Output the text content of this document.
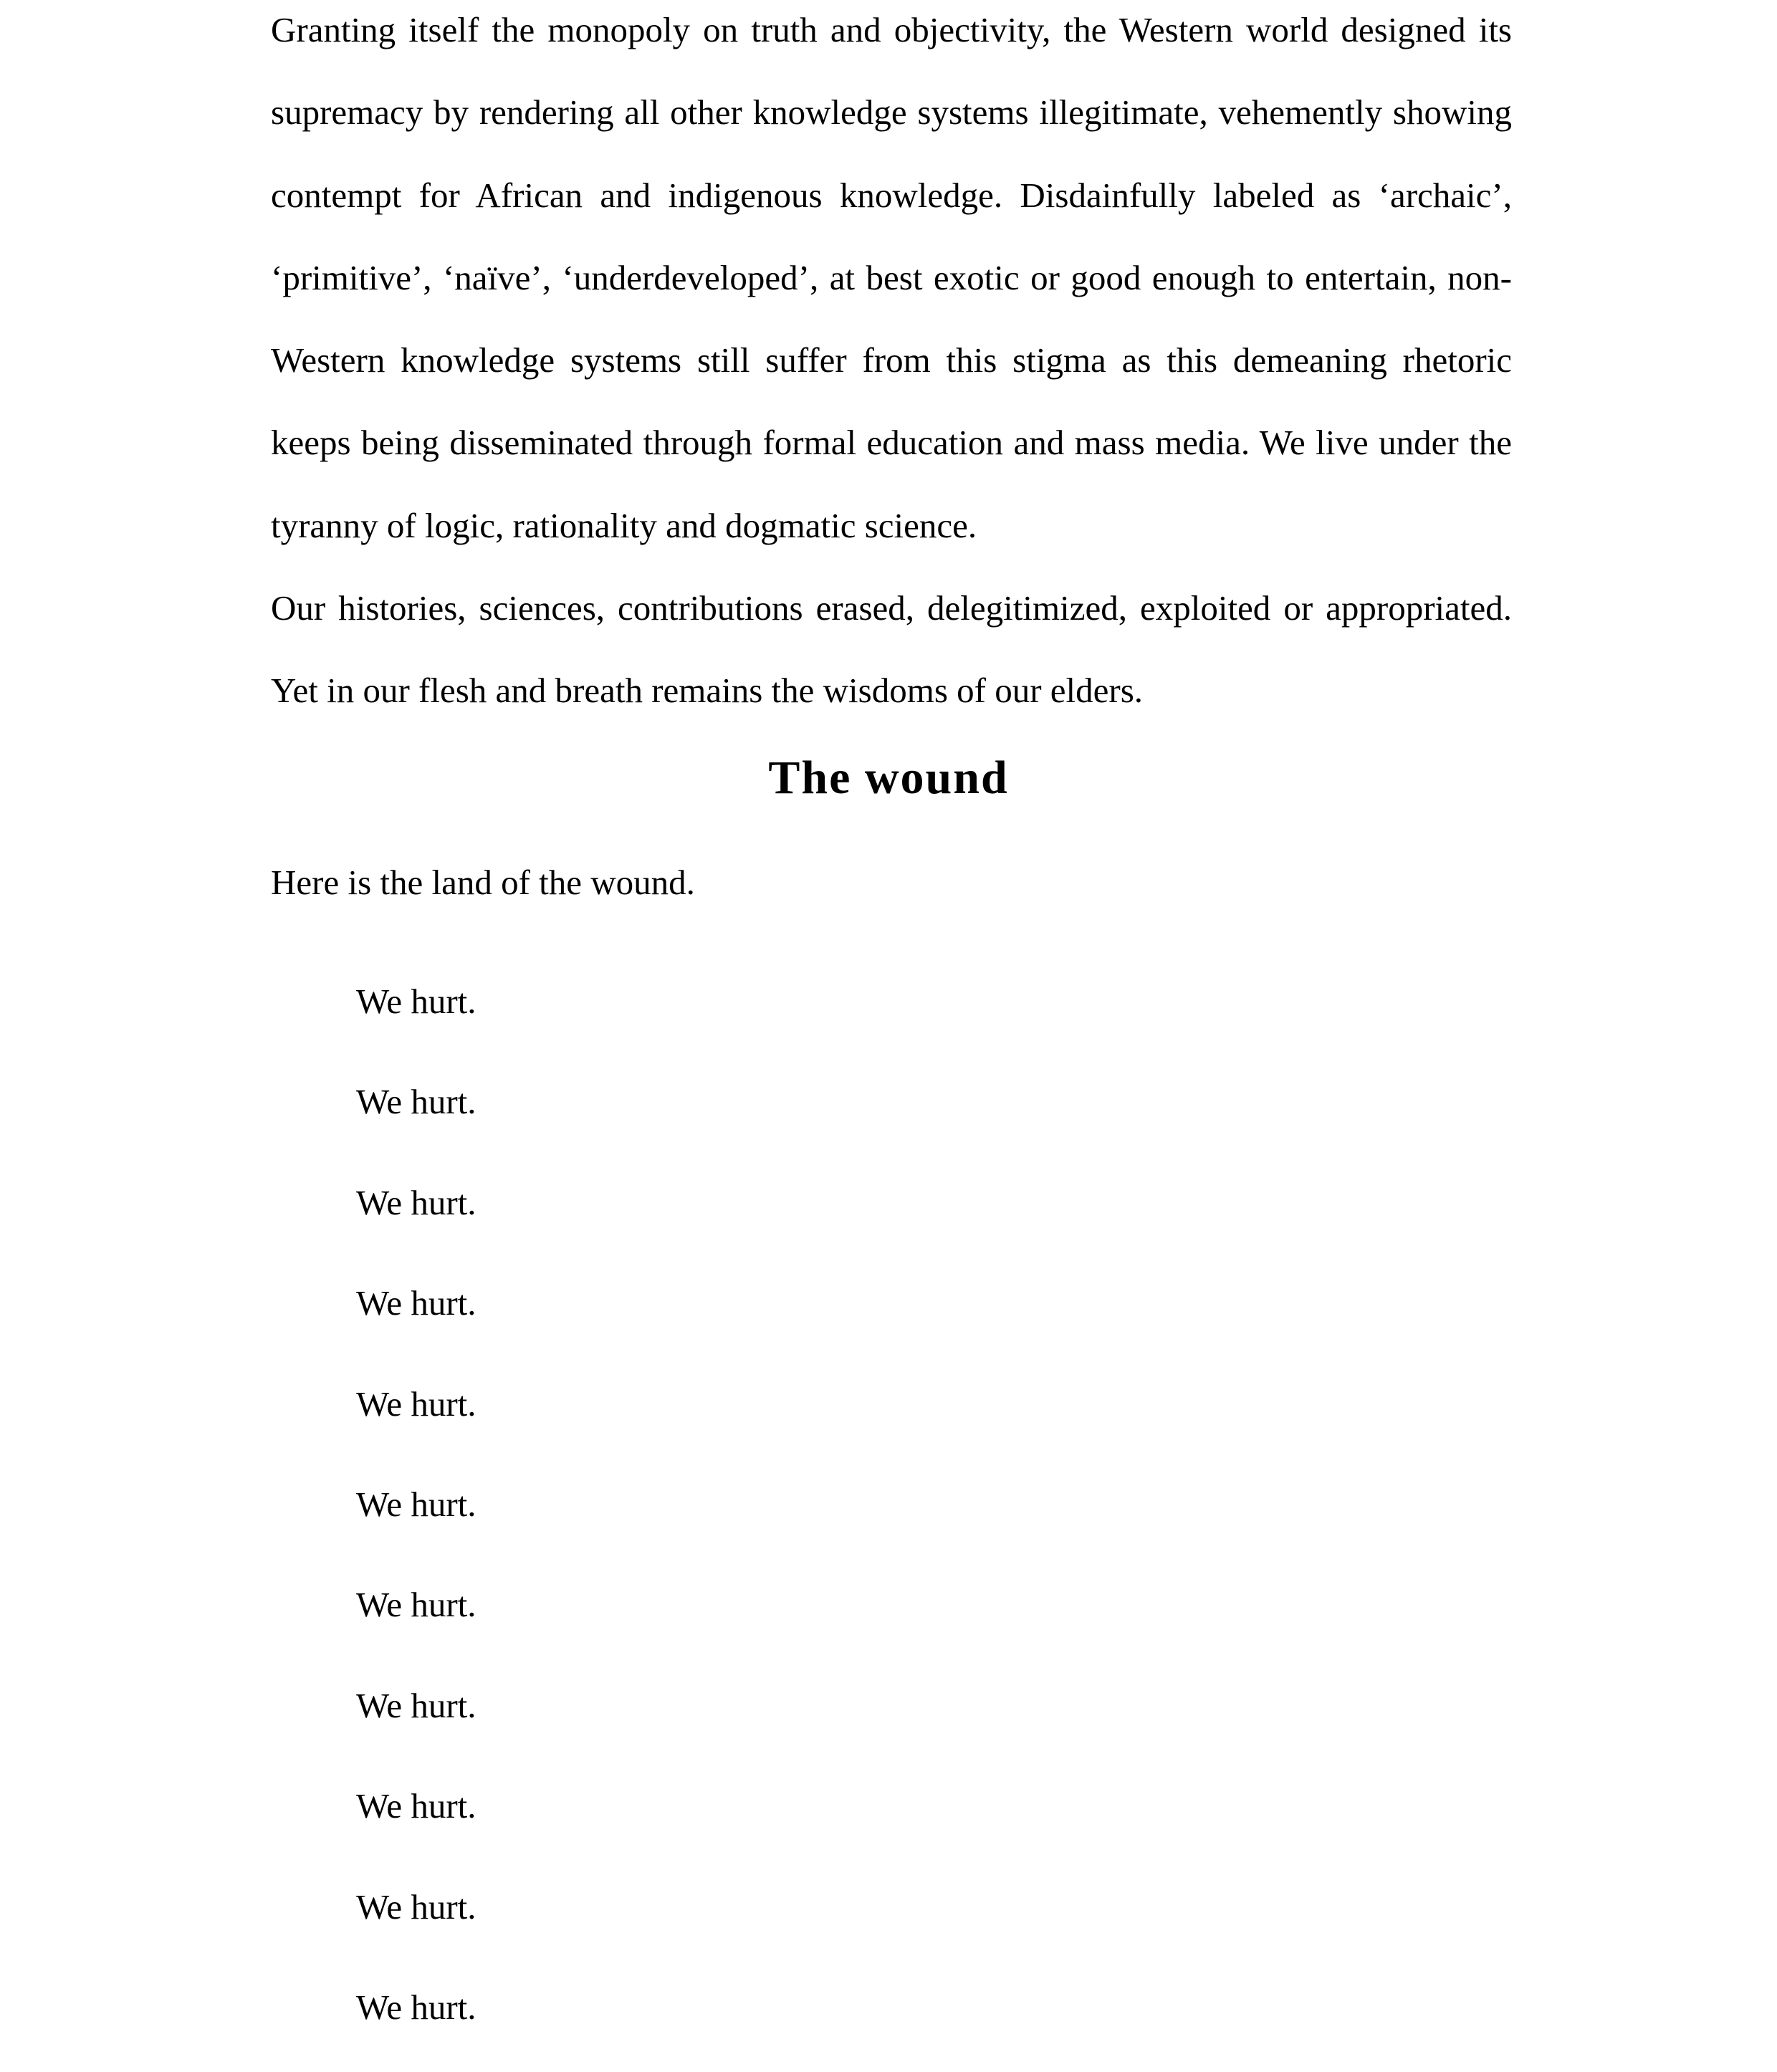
Granting itself the monopoly on truth and objectivity, the Western world designed its supremacy by rendering all other knowledge systems illegitimate, vehemently showing contempt for African and indigenous knowledge. Disdainfully labeled as ‘archaic’, ‘primitive’, ‘naïve’, ‘underdeveloped’, at best exotic or good enough to entertain, non-Western knowledge systems still suffer from this stigma as this demeaning rhetoric keeps being disseminated through formal education and mass media. We live under the tyranny of logic, rationality and dogmatic science.

Our histories, sciences, contributions erased, delegitimized, exploited or appropriated. Yet in our flesh and breath remains the wisdoms of our elders.

The wound

Here is the land of the wound.

We hurt.
We hurt.
We hurt.
We hurt.
We hurt.
We hurt.
We hurt.
We hurt.
We hurt.
We hurt.
We hurt.
